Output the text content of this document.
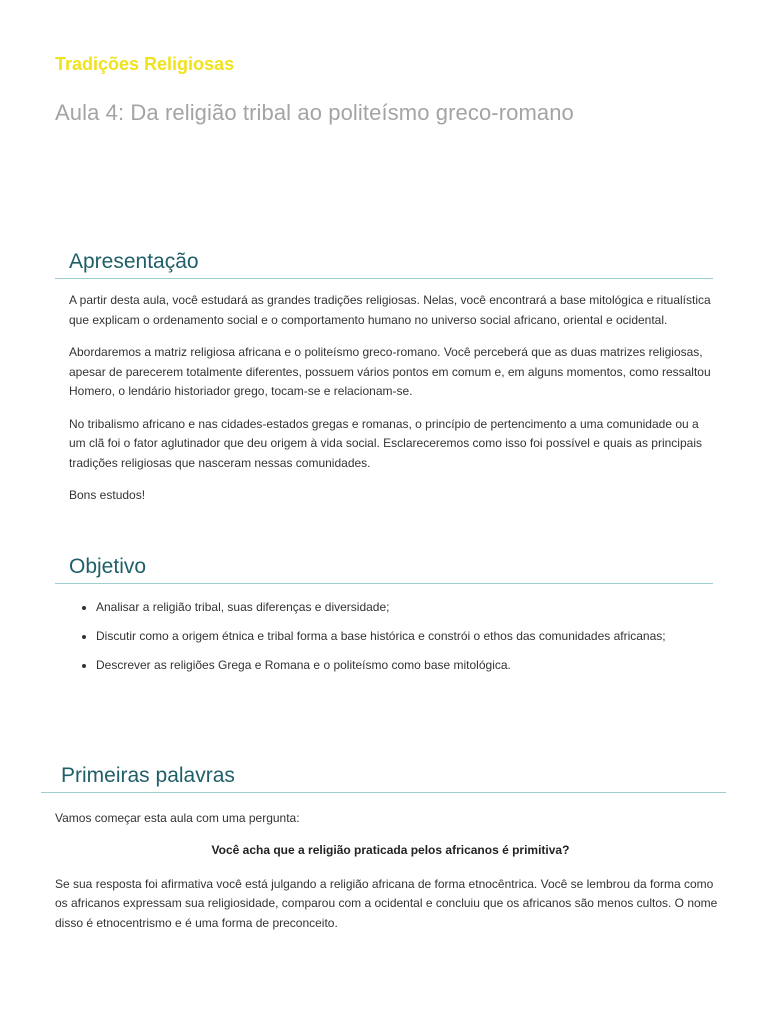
Tradições Religiosas
Aula 4: Da religião tribal ao politeísmo greco-romano
Apresentação

A partir desta aula, você estudará as grandes tradições religiosas. Nelas, você encontrará a base mitológica e ritualística que explicam o ordenamento social e o comportamento humano no universo social africano, oriental e ocidental.

Abordaremos a matriz religiosa africana e o politeísmo greco-romano. Você perceberá que as duas matrizes religiosas, apesar de parecerem totalmente diferentes, possuem vários pontos em comum e, em alguns momentos, como ressaltou Homero, o lendário historiador grego, tocam-se e relacionam-se.

No tribalismo africano e nas cidades-estados gregas e romanas, o princípio de pertencimento a uma comunidade ou a um clã foi o fator aglutinador que deu origem à vida social. Esclareceremos como isso foi possível e quais as principais tradições religiosas que nasceram nessas comunidades.

Bons estudos!

Objetivo
• Analisar a religião tribal, suas diferenças e diversidade;
• Discutir como a origem étnica e tribal forma a base histórica e constrói o ethos das comunidades africanas;
• Descrever as religiões Grega e Romana e o politeísmo como base mitológica.
Primeiras palavras

Vamos começar esta aula com uma pergunta:

Você acha que a religião praticada pelos africanos é primitiva?

Se sua resposta foi afirmativa você está julgando a religião africana de forma etnocêntrica. Você se lembrou da forma como os africanos expressam sua religiosidade, comparou com a ocidental e concluiu que os africanos são menos cultos. O nome disso é etnocentrismo e é uma forma de preconceito.
